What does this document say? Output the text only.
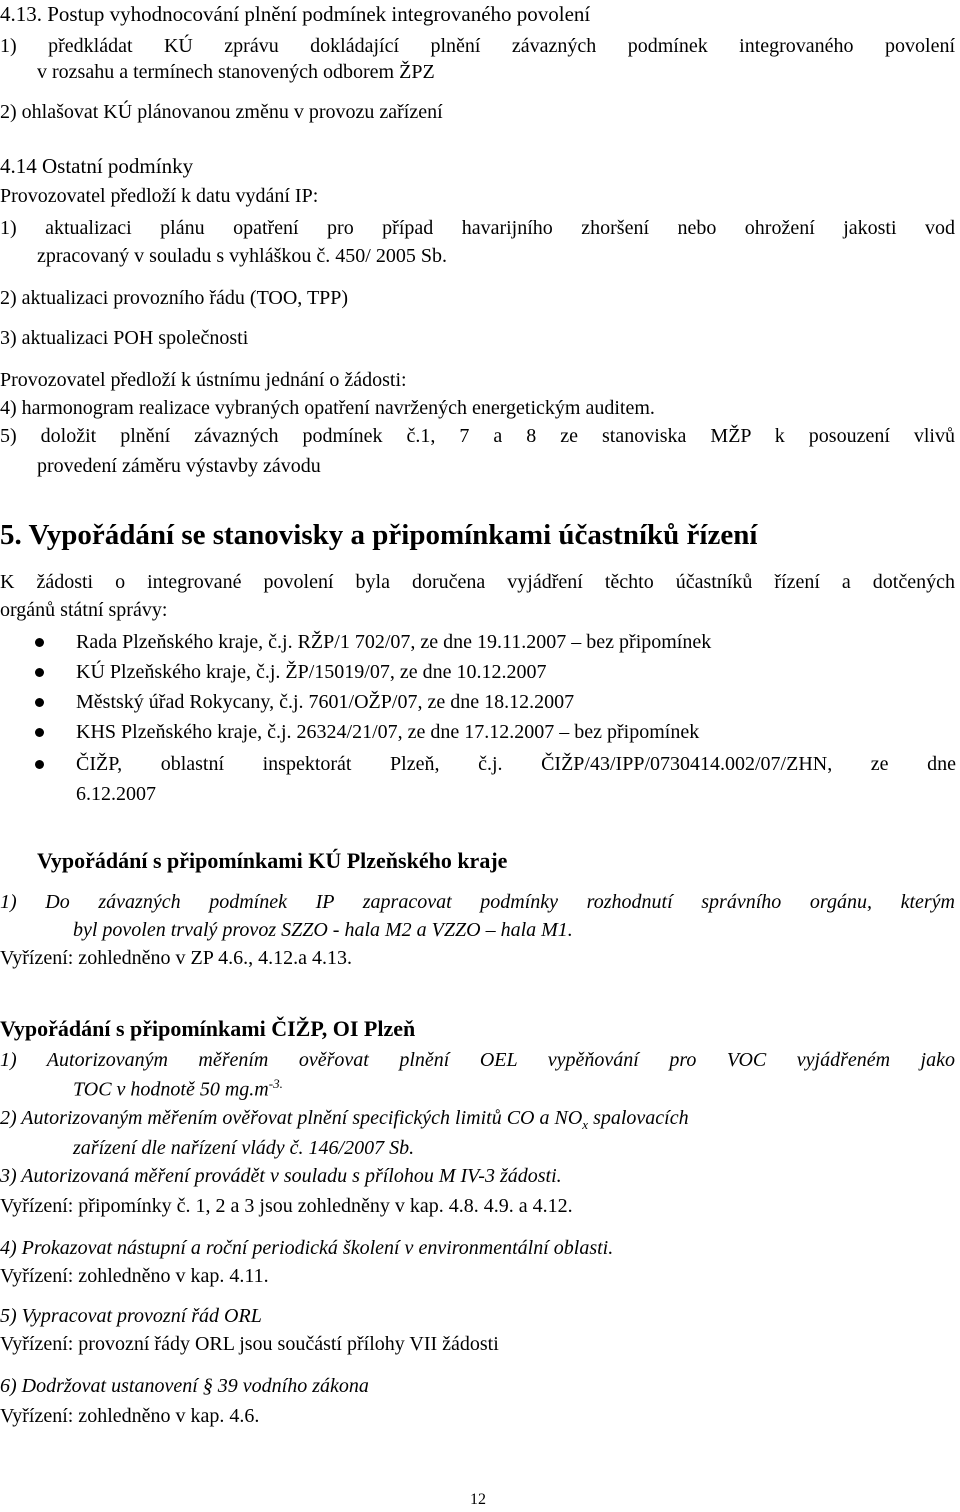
4.13. Postup vyhodnocování plnění podmínek integrovaného povolení
1) předkládat KÚ zprávu dokládající plnění závazných podmínek integrovaného povolení
v rozsahu a termínech stanovených odborem ŽPZ
2) ohlašovat KÚ plánovanou změnu v provozu zařízení
4.14 Ostatní podmínky
Provozovatel předloží k datu vydání IP:
1) aktualizaci plánu opatření pro případ havarijního zhoršení nebo ohrožení jakosti vod
zpracovaný v souladu s vyhláškou č. 450/ 2005 Sb.
2) aktualizaci provozního řádu (TOO, TPP)
3) aktualizaci POH společnosti
Provozovatel předloží k ústnímu jednání o žádosti:
4) harmonogram realizace vybraných opatření navržených energetickým auditem.
5) doložit plnění závazných podmínek č.1, 7 a 8 ze stanoviska MŽP k posouzení vlivů
provedení záměru výstavby závodu
5. Vypořádání se stanovisky a připomínkami účastníků řízení
K žádosti o integrované povolení byla doručena vyjádření těchto účastníků řízení a dotčených
orgánů státní správy:
Rada Plzeňského kraje, č.j. RŽP/1 702/07, ze dne 19.11.2007 – bez připomínek
KÚ Plzeňského kraje, č.j. ŽP/15019/07, ze dne 10.12.2007
Městský úřad Rokycany, č.j. 7601/OŽP/07, ze dne 18.12.2007
KHS Plzeňského kraje, č.j. 26324/21/07, ze dne 17.12.2007 – bez připomínek
ČIŽP, oblastní inspektorát Plzeň, č.j. ČIŽP/43/IPP/0730414.002/07/ZHN, ze dne
6.12.2007
Vypořádání s připomínkami KÚ Plzeňského kraje
1) Do závazných podmínek IP zapracovat podmínky rozhodnutí správního orgánu, kterým
byl povolen trvalý provoz SZZO - hala M2 a VZZO – hala M1.
Vyřízení: zohledněno v ZP 4.6., 4.12.a 4.13.
Vypořádání s připomínkami ČIŽP, OI Plzeň
1) Autorizovaným měřením ověřovat plnění OEL vypěňování pro VOC vyjádřeném jako
TOC v hodnotě 50 $mg.m^{-3.}$
2) Autorizovaným měřením ověřovat plnění specifických limitů CO a $NO_x$ spalovacích
zařízení dle nařízení vlády č. 146/2007 Sb.
3) Autorizovaná měření provádět v souladu s přílohou M IV-3 žádosti.
Vyřízení: připomínky č. 1, 2 a 3 jsou zohledněny v kap. 4.8. 4.9. a 4.12.
4) Prokazovat nástupní a roční periodická školení v environmentální oblasti.
Vyřízení: zohledněno v kap. 4.11.
5) Vypracovat provozní řád ORL
Vyřízení: provozní řády ORL jsou součástí přílohy VII žádosti
6) Dodržovat ustanovení § 39 vodního zákona
Vyřízení: zohledněno v kap. 4.6.
12
